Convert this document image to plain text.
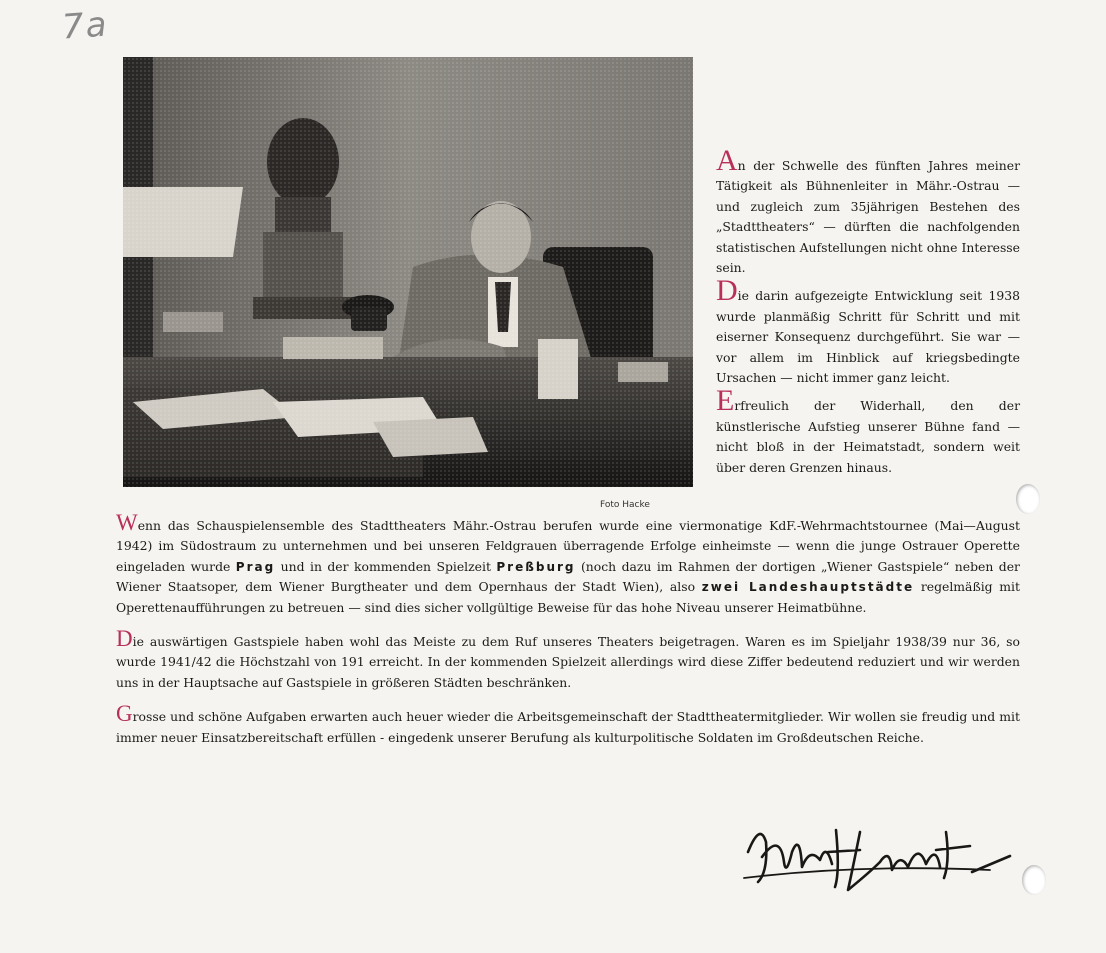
7a
Foto Hacke

An der Schwelle des fünften Jahres meiner Tätigkeit als Bühnenleiter in Mähr.-Ostrau — und zugleich zum 35jährigen Bestehen des „Stadttheaters“ — dürften die nachfolgenden statistischen Aufstellungen nicht ohne Interesse sein.

Die darin aufgezeigte Entwicklung seit 1938 wurde planmäßig Schritt für Schritt und mit eiserner Konsequenz durchgeführt. Sie war — vor allem im Hinblick auf kriegsbedingte Ursachen — nicht immer ganz leicht.

Erfreulich der Widerhall, den der künstlerische Aufstieg unserer Bühne fand — nicht bloß in der Heimatstadt, sondern weit über deren Grenzen hinaus.

Wenn das Schauspielensemble des Stadttheaters Mähr.-Ostrau berufen wurde eine viermonatige KdF.-Wehrmachtstournee (Mai—August 1942) im Südostraum zu unternehmen und bei unseren Feldgrauen überragende Erfolge einheimste — wenn die junge Ostrauer Operette eingeladen wurde Prag und in der kommenden Spielzeit Preßburg (noch dazu im Rahmen der dortigen „Wiener Gastspiele“ neben der Wiener Staatsoper, dem Wiener Burgtheater und dem Opernhaus der Stadt Wien), also zwei Landeshauptstädte regelmäßig mit Operettenaufführungen zu betreuen — sind dies sicher vollgültige Beweise für das hohe Niveau unserer Heimatbühne.

Die auswärtigen Gastspiele haben wohl das Meiste zu dem Ruf unseres Theaters beigetragen. Waren es im Spieljahr 1938/39 nur 36, so wurde 1941/42 die Höchstzahl von 191 erreicht. In der kommenden Spielzeit allerdings wird diese Ziffer bedeutend reduziert und wir werden uns in der Hauptsache auf Gastspiele in größeren Städten beschränken.

Grosse und schöne Aufgaben erwarten auch heuer wieder die Arbeitsgemeinschaft der Stadttheatermitglieder. Wir wollen sie freudig und mit immer neuer Einsatzbereitschaft erfüllen - eingedenk unserer Berufung als kulturpolitische Soldaten im Großdeutschen Reiche.
